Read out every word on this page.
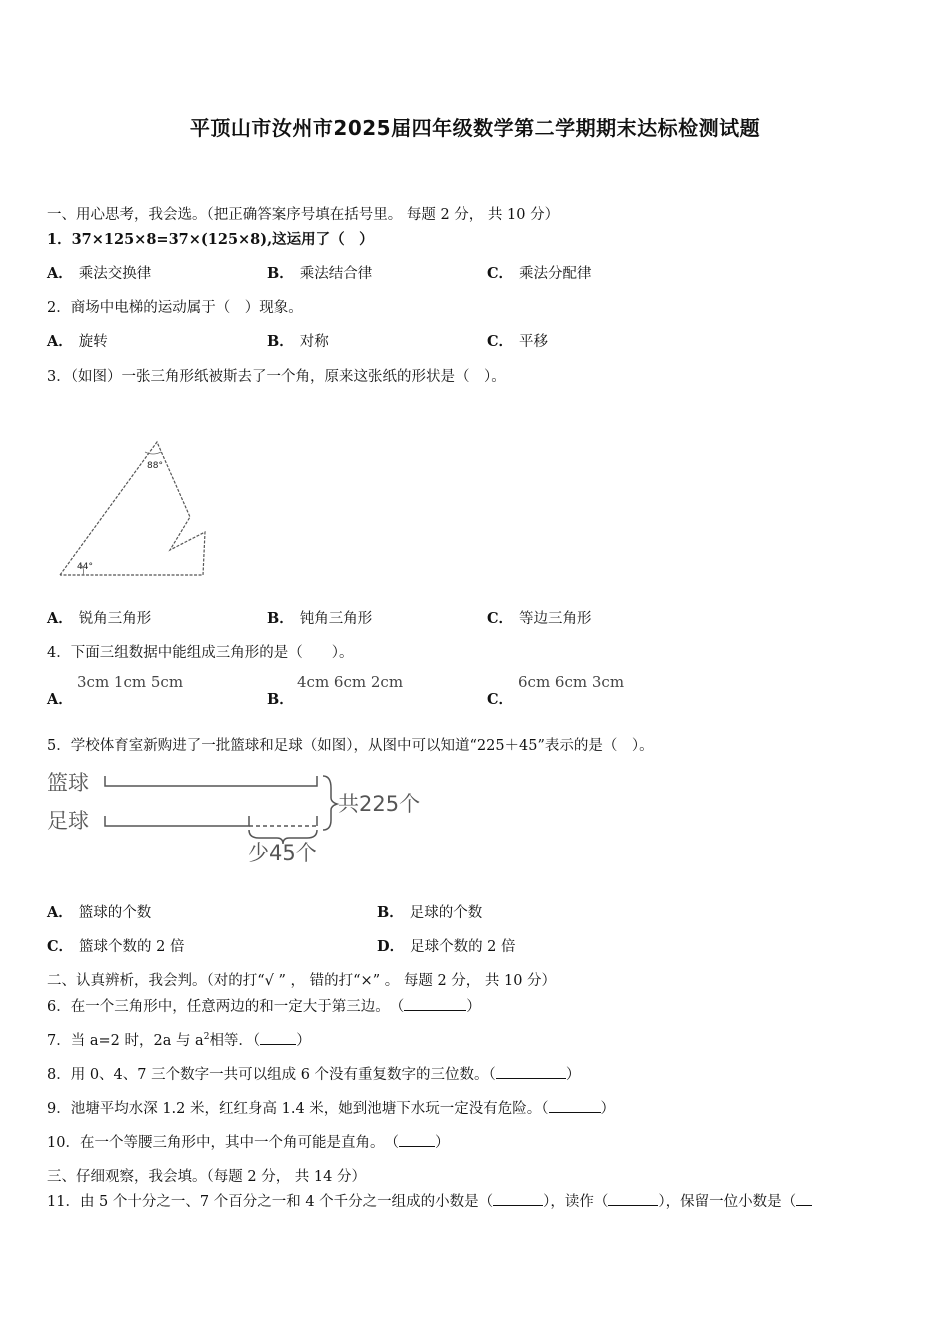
平顶山市汝州市2025届四年级数学第二学期期末达标检测试题
一、用心思考，我会选。（把正确答案序号填在括号里。 每题 2 分， 共 10 分）
1．37×125×8=37×(125×8),这运用了（　）
A． 乘法交换律	B． 乘法结合律	C． 乘法分配律
2．商场中电梯的运动属于（　）现象。
A． 旋转	B． 对称	C． 平移
3．（如图）一张三角形纸被斯去了一个角，原来这张纸的形状是（　）。
88°
44°
A． 锐角三角形	B． 钝角三角形	C． 等边三角形
4．下面三组数据中能组成三角形的是（　　）。
A．
3cm 1cm 5cm
B．
4cm 6cm 2cm
C．
6cm 6cm 3cm
5．学校体育室新购进了一批篮球和足球（如图），从图中可以知道“225＋45”表示的是（　）。
篮球
足球
共225个
少45个
A． 篮球的个数	B． 足球的个数
C． 篮球个数的 2 倍	D． 足球个数的 2 倍
二、认真辨析，我会判。（对的打“√ ” ， 错的打“×” 。 每题 2 分， 共 10 分）
6．在一个三角形中，任意两边的和一定大于第三边。　（	）
7．当 a=2 时，2a 与 $a^2$相等．（ ）
8．用 0、4、7 三个数字一共可以组成 6 个没有重复数字的三位数。（	）
9．池塘平均水深 1.2 米，红红身高 1.4 米，她到池塘下水玩一定没有危险。（	）
10．在一个等腰三角形中，其中一个角可能是直角。　（ ）
三、仔细观察，我会填。（每题 2 分， 共 14 分）
11．由 5 个十分之一、7 个百分之一和 4 个千分之一组成的小数是（	），读作（	），保留一位小数是（
